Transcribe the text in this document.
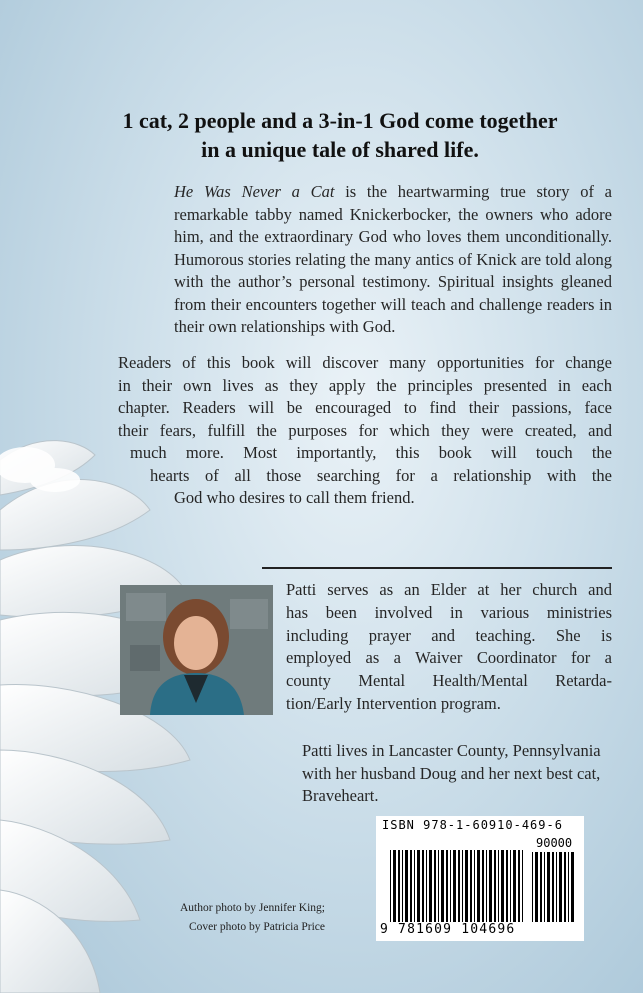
1 cat, 2 people and a 3-in-1 God come together
in a unique tale of shared life.
He Was Never a Cat is the heartwarming true story of a remarkable tabby named Knickerbocker, the owners who adore him, and the extraordinary God who loves them unconditionally. Humorous stories relating the many antics of Knick are told along with the author’s personal testimony. Spiritual insights gleaned from their encounters together will teach and challenge readers in their own relationships with God.
Readers of this book will discover many opportunities for change
in their own lives as they apply the principles presented in each
chapter. Readers will be encouraged to find their passions, face
their fears, fulfill the purposes for which they were created, and
much more. Most importantly, this book will touch the
hearts of all those searching for a relationship with the
God who desires to call them friend.
Patti serves as an Elder at her church and
has been involved in various ministries
including prayer and teaching. She is
employed as a Waiver Coordinator for a
county Mental Health/Mental Retarda-
tion/Early Intervention program.
Patti lives in Lancaster County, Pennsylvania
with her husband Doug and her next best cat,
Braveheart.
Author photo by Jennifer King;
Cover photo by Patricia Price
ISBN 978-1-60910-469-6
90000
9 781609 104696
